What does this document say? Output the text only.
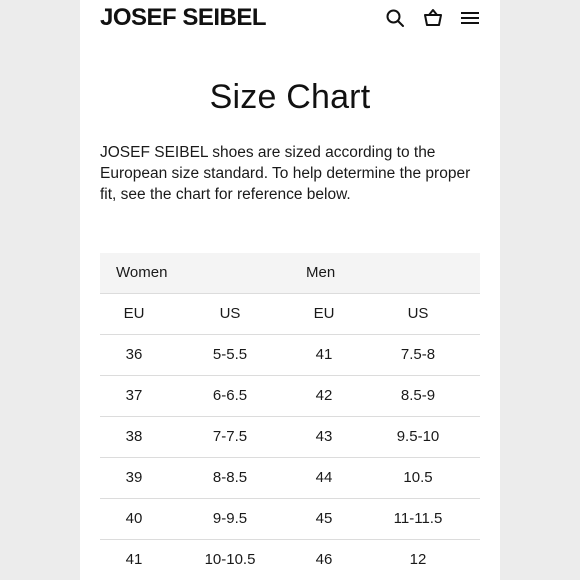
JOSEF SEIBEL
Size Chart
JOSEF SEIBEL shoes are sized according to the European size standard. To help determine the proper fit, see the chart for reference below.
Women	Men
EU	US	EU	US
36	5-5.5	41	7.5-8
37	6-6.5	42	8.5-9
38	7-7.5	43	9.5-10
39	8-8.5	44	10.5
40	9-9.5	45	11-11.5
41	10-10.5	46	12
